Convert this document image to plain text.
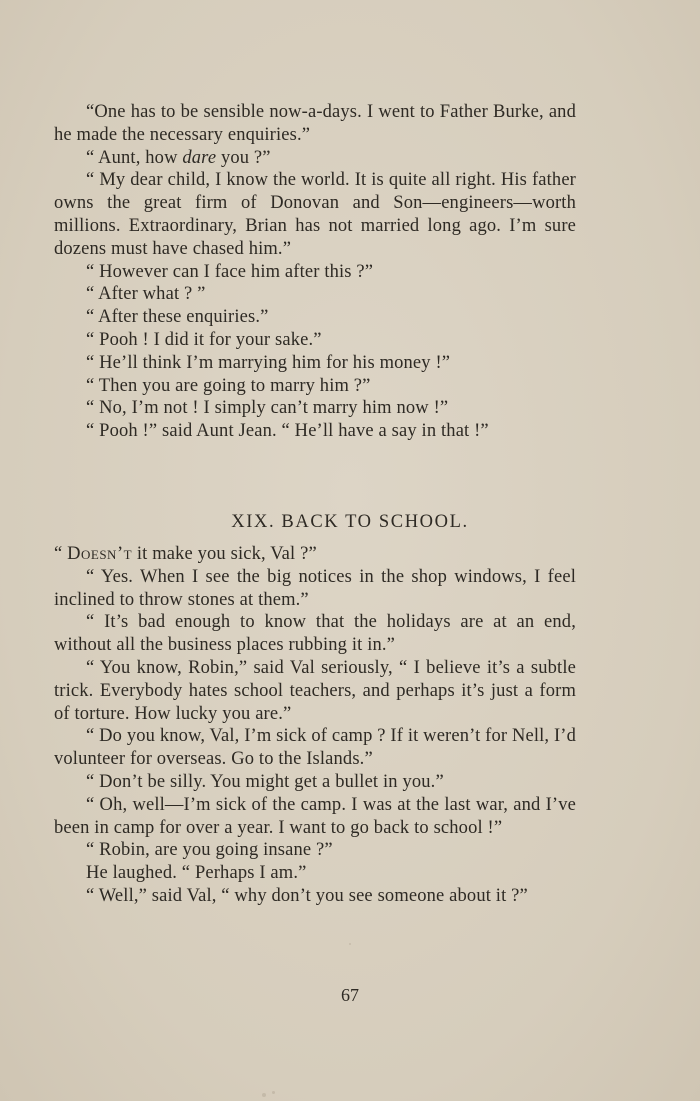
“One has to be sensible now-a-days. I went to Father Burke, and he made the necessary enquiries.”

“ Aunt, how dare you ?”

“ My dear child, I know the world. It is quite all right. His father owns the great firm of Donovan and Son—engineers—worth millions. Extraordinary, Brian has not married long ago. I’m sure dozens must have chased him.”

“ However can I face him after this ?”

“ After what ? ”

“ After these enquiries.”

“ Pooh ! I did it for your sake.”

“ He’ll think I’m marrying him for his money !”

“ Then you are going to marry him ?”

“ No, I’m not ! I simply can’t marry him now !”

“ Pooh !” said Aunt Jean. “ He’ll have a say in that !”

XIX. BACK TO SCHOOL.

“ Doesn’t it make you sick, Val ?”

“ Yes. When I see the big notices in the shop windows, I feel inclined to throw stones at them.”

“ It’s bad enough to know that the holidays are at an end, without all the business places rubbing it in.”

“ You know, Robin,” said Val seriously, “ I believe it’s a subtle trick. Everybody hates school teachers, and perhaps it’s just a form of torture. How lucky you are.”

“ Do you know, Val, I’m sick of camp ? If it weren’t for Nell, I’d volunteer for overseas. Go to the Islands.”

“ Don’t be silly. You might get a bullet in you.”

“ Oh, well—I’m sick of the camp. I was at the last war, and I’ve been in camp for over a year. I want to go back to school !”

“ Robin, are you going insane ?”

He laughed. “ Perhaps I am.”

“ Well,” said Val, “ why don’t you see someone about it ?”

67
